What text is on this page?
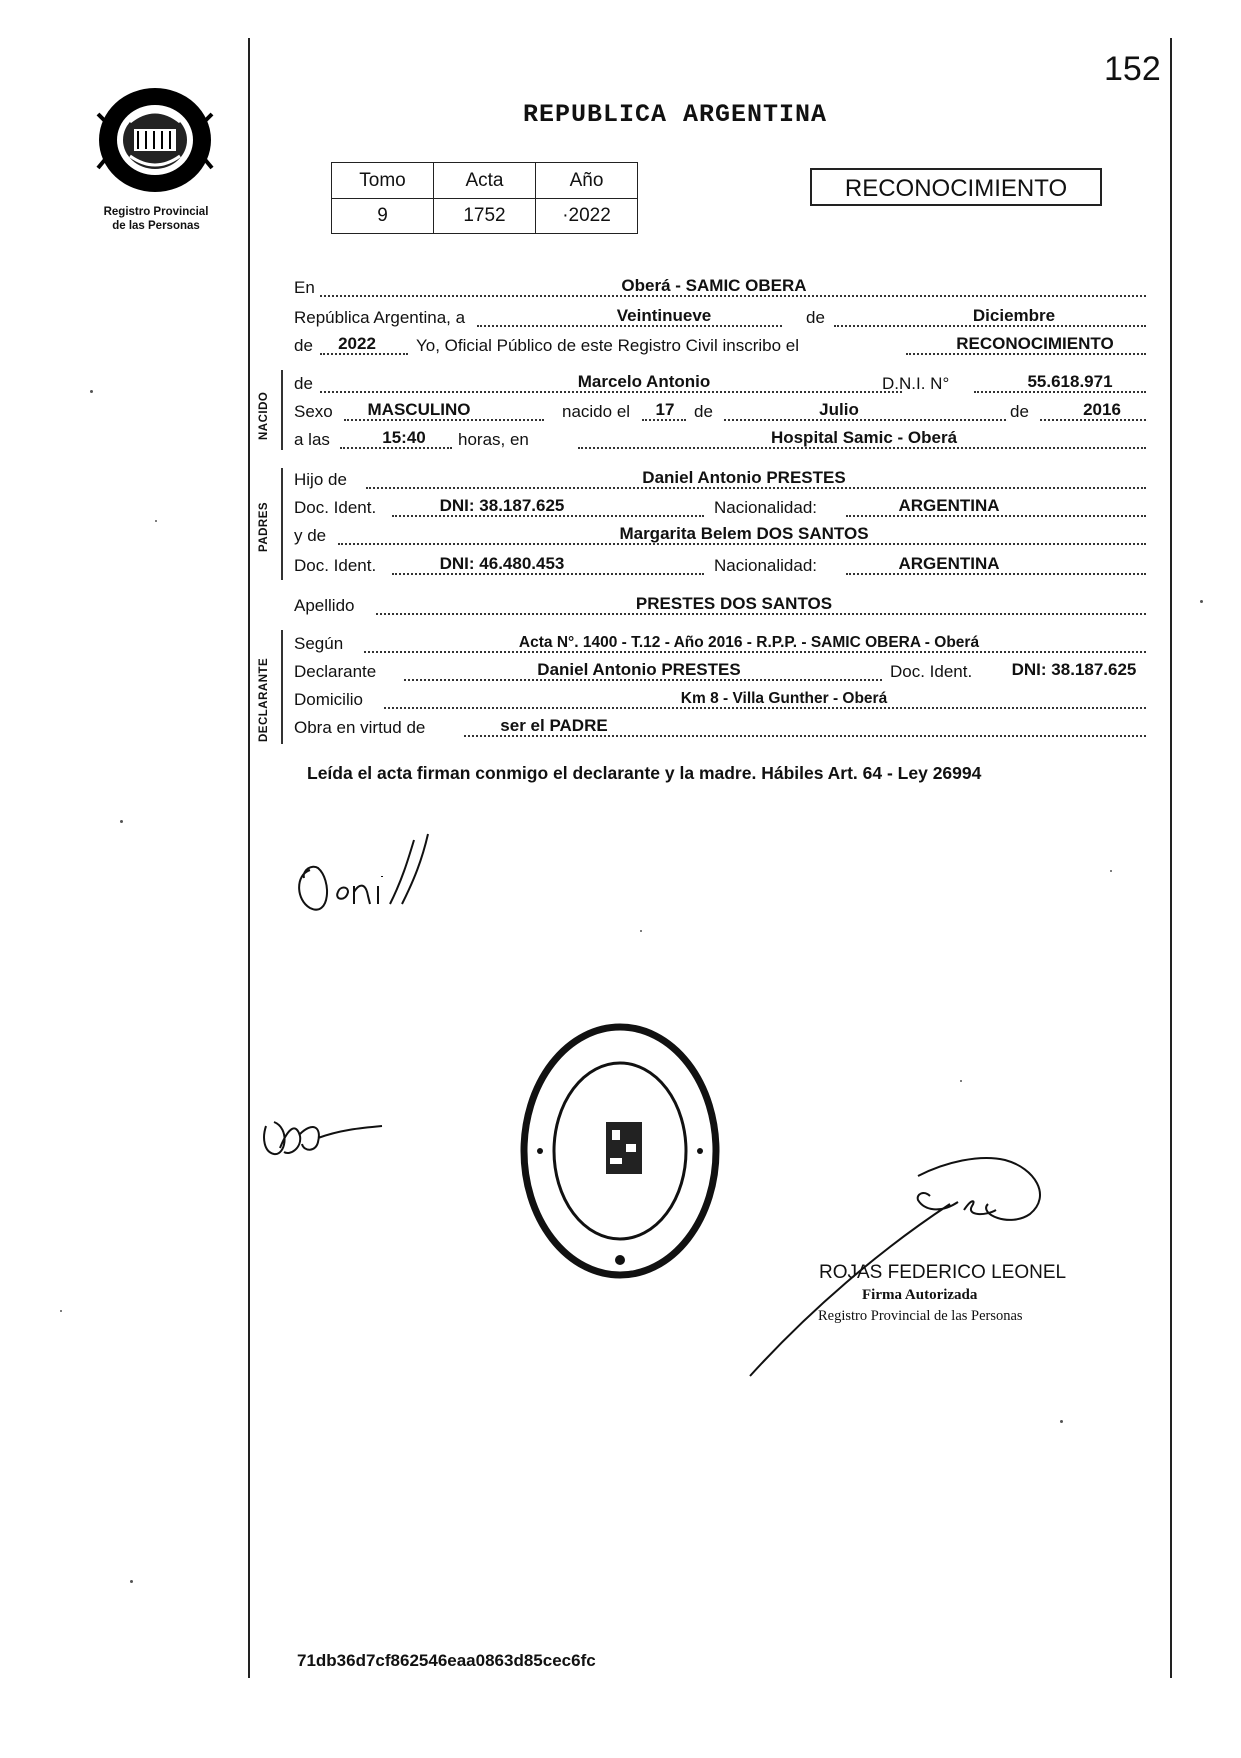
152
Registro Provincial
de las Personas
REPUBLICA ARGENTINA
Tomo	Acta	Año
9	1752	·2022
RECONOCIMIENTO
En	Oberá - SAMIC OBERA
República Argentina, a	Veintinueve	de	Diciembre
de	2022	Yo, Oficial Público de este Registro Civil inscribo el	RECONOCIMIENTO
NACIDO
de	Marcelo Antonio	D.N.I. N°	55.618.971
Sexo	MASCULINO	nacido el	17	de	Julio	de	2016
a las	15:40	horas, en	Hospital Samic - Oberá
PADRES
Hijo de	Daniel Antonio PRESTES
Doc. Ident.	DNI: 38.187.625	Nacionalidad:	ARGENTINA
y de	Margarita Belem DOS SANTOS
Doc. Ident.	DNI: 46.480.453	Nacionalidad:	ARGENTINA
Apellido	PRESTES DOS SANTOS
DECLARANTE
Según	Acta N°. 1400 - T.12 - Año 2016 - R.P.P. - SAMIC OBERA - Oberá
Declarante	Daniel Antonio PRESTES	Doc. Ident.	DNI: 38.187.625
Domicilio	Km 8 - Villa Gunther - Oberá
Obra en virtud de	ser el PADRE
Leída el acta firman conmigo el declarante y la madre. Hábiles Art. 64 - Ley 26994
ROJAS FEDERICO LEONEL
Firma Autorizada
Registro Provincial de las Personas
71db36d7cf862546eaa0863d85cec6fc
